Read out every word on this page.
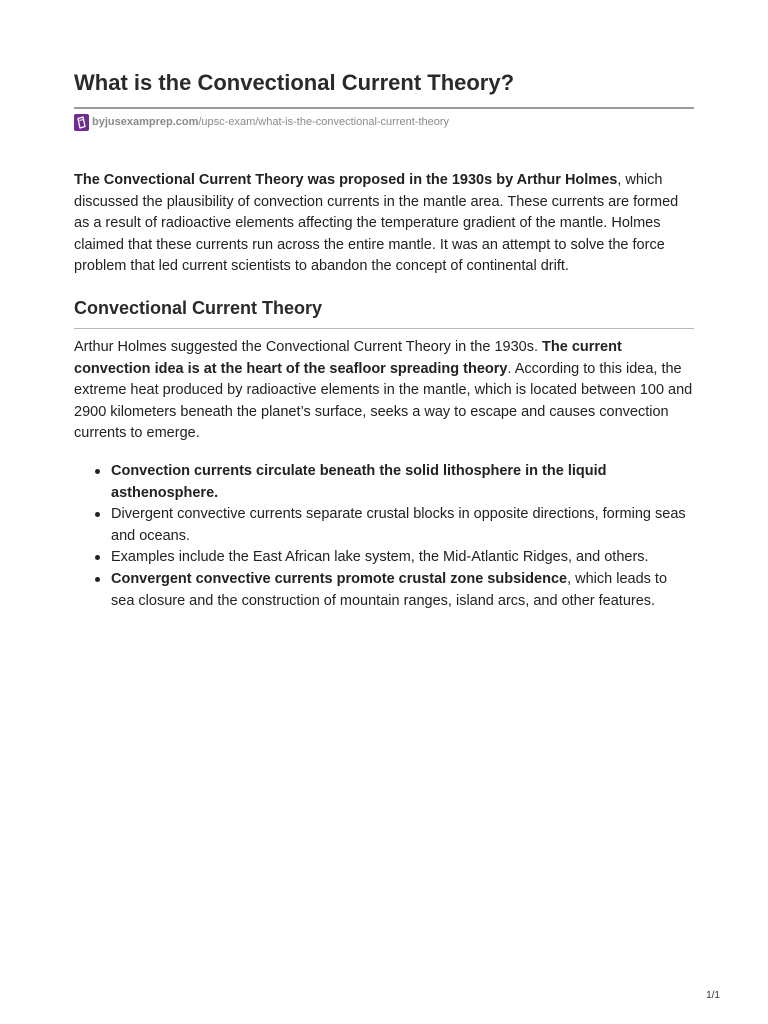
What is the Convectional Current Theory?
byjusexamprep.com /upsc-exam/what-is-the-convectional-current-theory

The Convectional Current Theory was proposed in the 1930s by Arthur Holmes, which discussed the plausibility of convection currents in the mantle area. These currents are formed as a result of radioactive elements affecting the temperature gradient of the mantle. Holmes claimed that these currents run across the entire mantle. It was an attempt to solve the force problem that led current scientists to abandon the concept of continental drift.

Convectional Current Theory

Arthur Holmes suggested the Convectional Current Theory in the 1930s. The current convection idea is at the heart of the seafloor spreading theory. According to this idea, the extreme heat produced by radioactive elements in the mantle, which is located between 100 and 2900 kilometers beneath the planet’s surface, seeks a way to escape and causes convection currents to emerge.

Convection currents circulate beneath the solid lithosphere in the liquid asthenosphere.
Divergent convective currents separate crustal blocks in opposite directions, forming seas and oceans.
Examples include the East African lake system, the Mid-Atlantic Ridges, and others.
Convergent convective currents promote crustal zone subsidence, which leads to sea closure and the construction of mountain ranges, island arcs, and other features.
1/1
